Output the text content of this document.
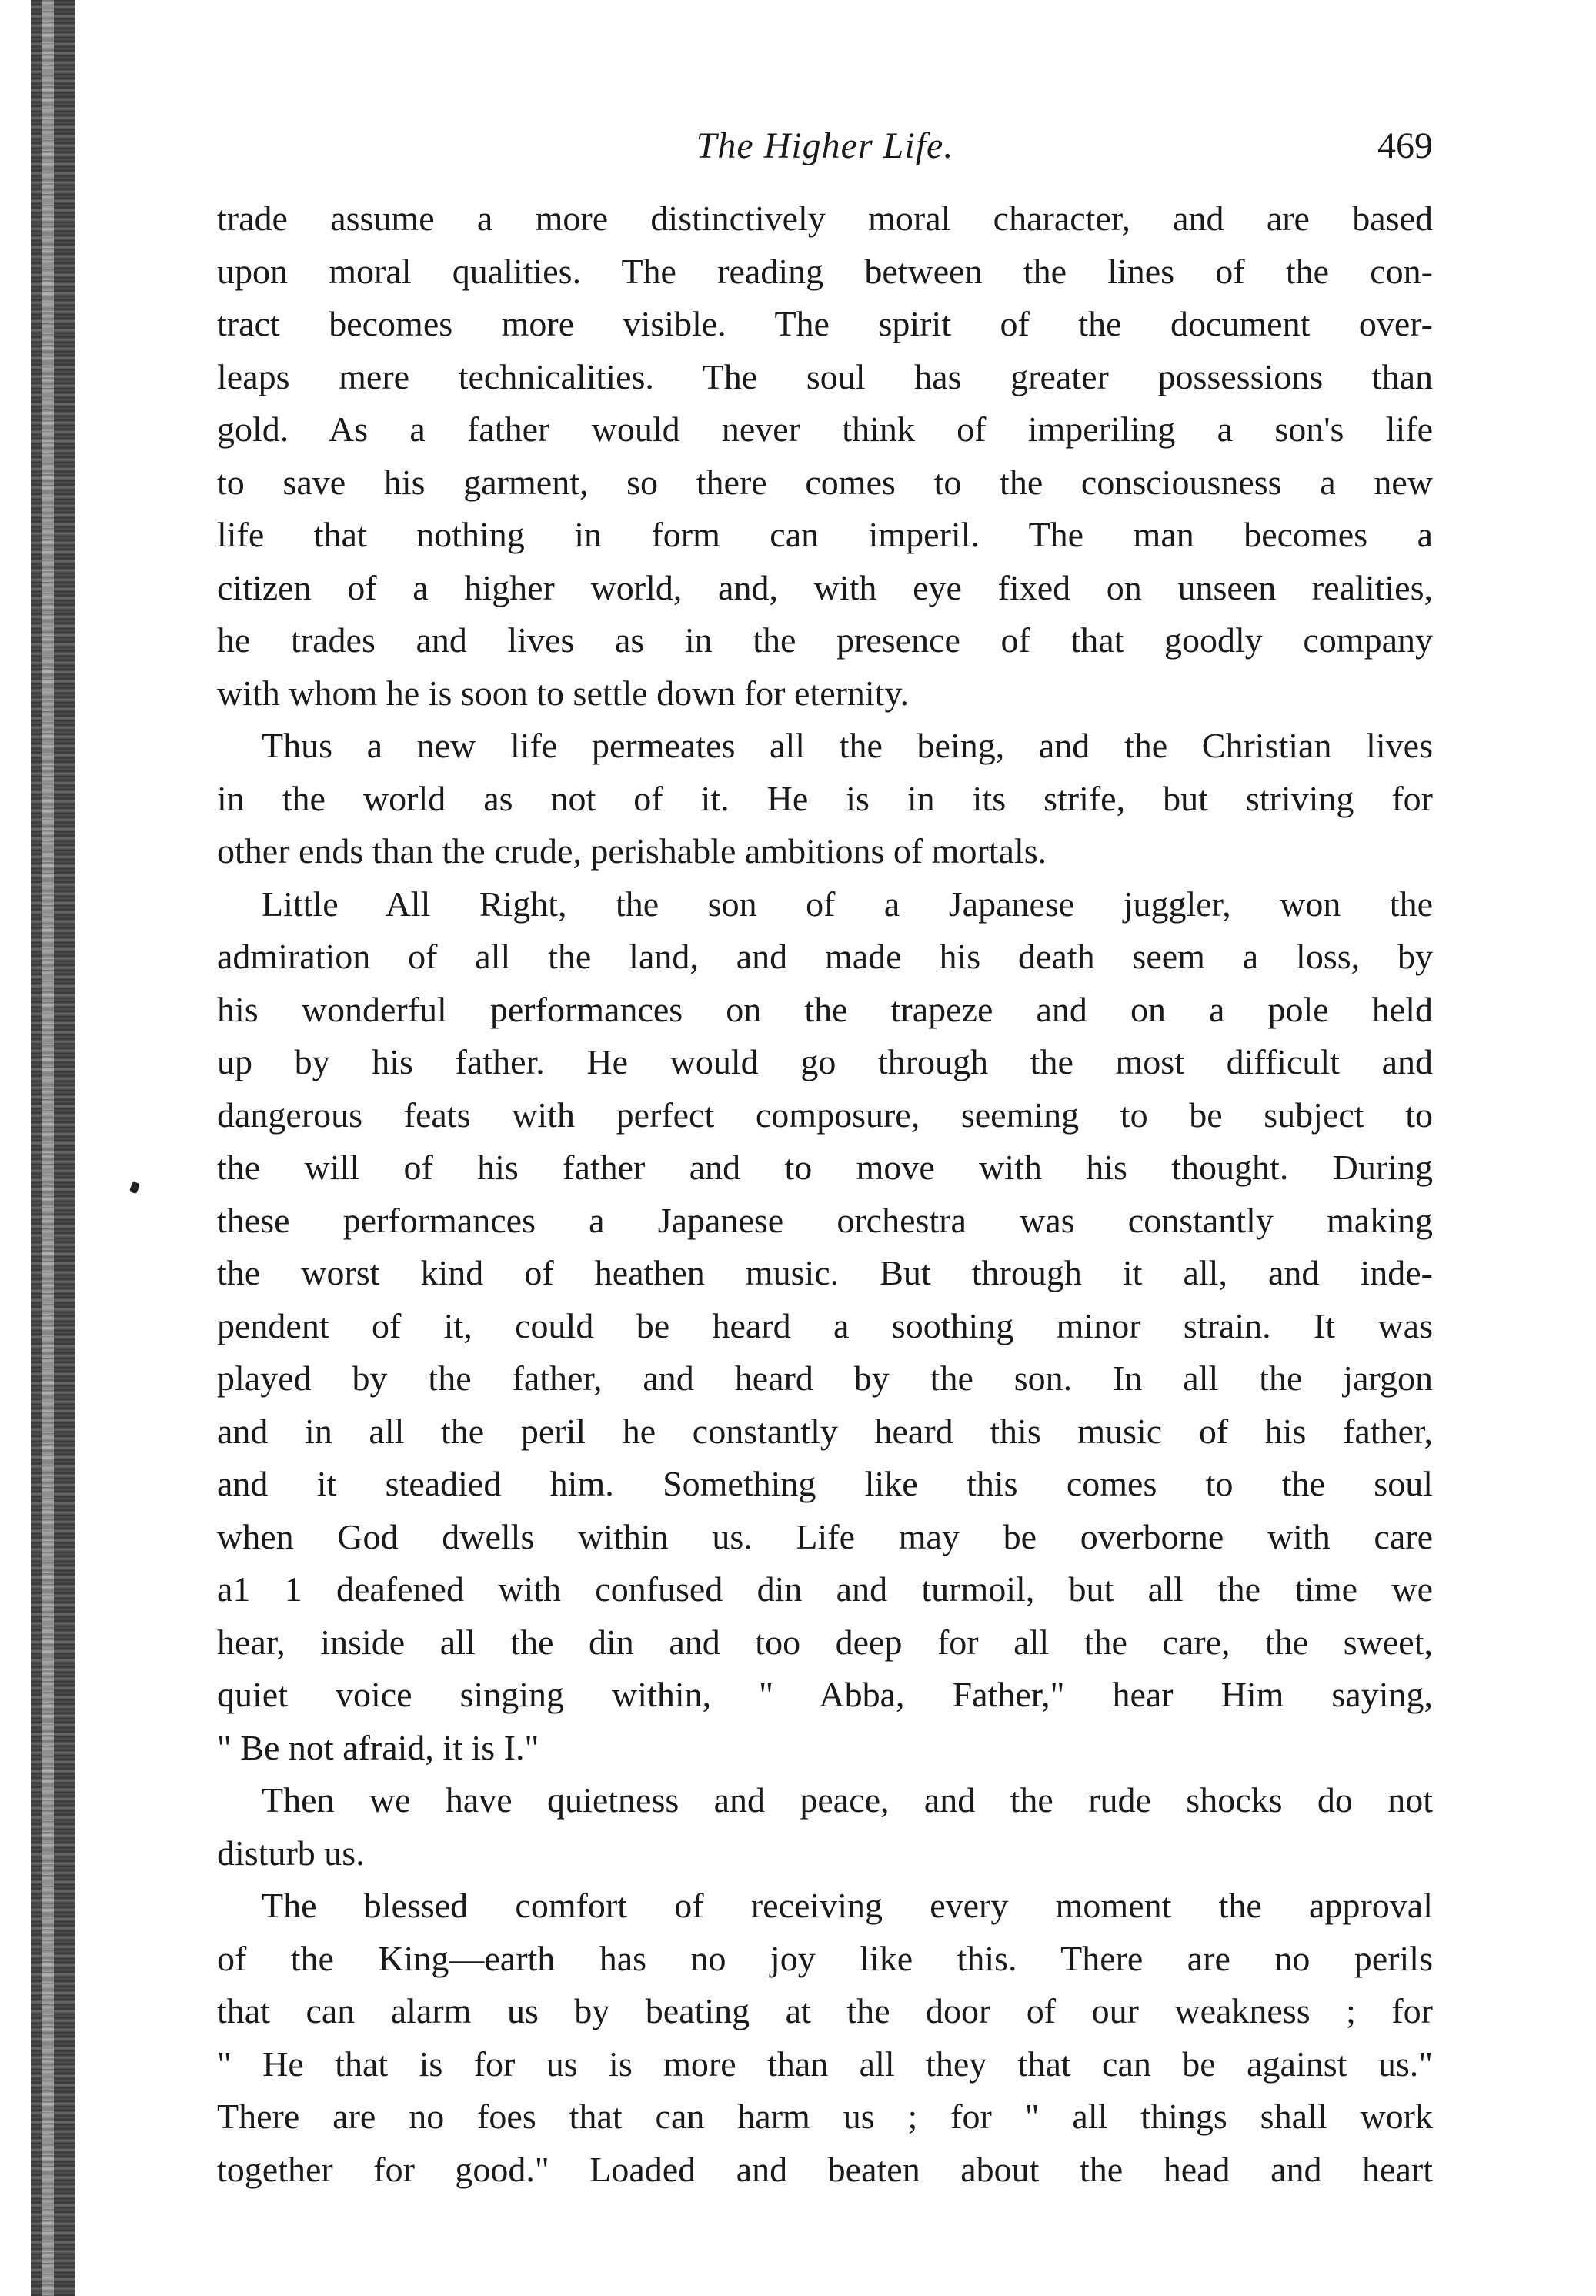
The Higher Life.	469
trade assume a more distinctively moral character, and are based
upon moral qualities. The reading between the lines of the con-
tract becomes more visible. The spirit of the document over-
leaps mere technicalities. The soul has greater possessions than
gold. As a father would never think of imperiling a son's life
to save his garment, so there comes to the consciousness a new
life that nothing in form can imperil. The man becomes a
citizen of a higher world, and, with eye fixed on unseen realities,
he trades and lives as in the presence of that goodly company
with whom he is soon to settle down for eternity.
Thus a new life permeates all the being, and the Christian lives
in the world as not of it. He is in its strife, but striving for
other ends than the crude, perishable ambitions of mortals.
Little All Right, the son of a Japanese juggler, won the
admiration of all the land, and made his death seem a loss, by
his wonderful performances on the trapeze and on a pole held
up by his father. He would go through the most difficult and
dangerous feats with perfect composure, seeming to be subject to
the will of his father and to move with his thought. During
these performances a Japanese orchestra was constantly making
the worst kind of heathen music. But through it all, and inde-
pendent of it, could be heard a soothing minor strain. It was
played by the father, and heard by the son. In all the jargon
and in all the peril he constantly heard this music of his father,
and it steadied him. Something like this comes to the soul
when God dwells within us. Life may be overborne with care
a1 1 deafened with confused din and turmoil, but all the time we
hear, inside all the din and too deep for all the care, the sweet,
quiet voice singing within, " Abba, Father," hear Him saying,
" Be not afraid, it is I."
Then we have quietness and peace, and the rude shocks do not
disturb us.
The blessed comfort of receiving every moment the approval
of the King—earth has no joy like this. There are no perils
that can alarm us by beating at the door of our weakness ; for
" He that is for us is more than all they that can be against us."
There are no foes that can harm us ; for " all things shall work
together for good." Loaded and beaten about the head and heart
